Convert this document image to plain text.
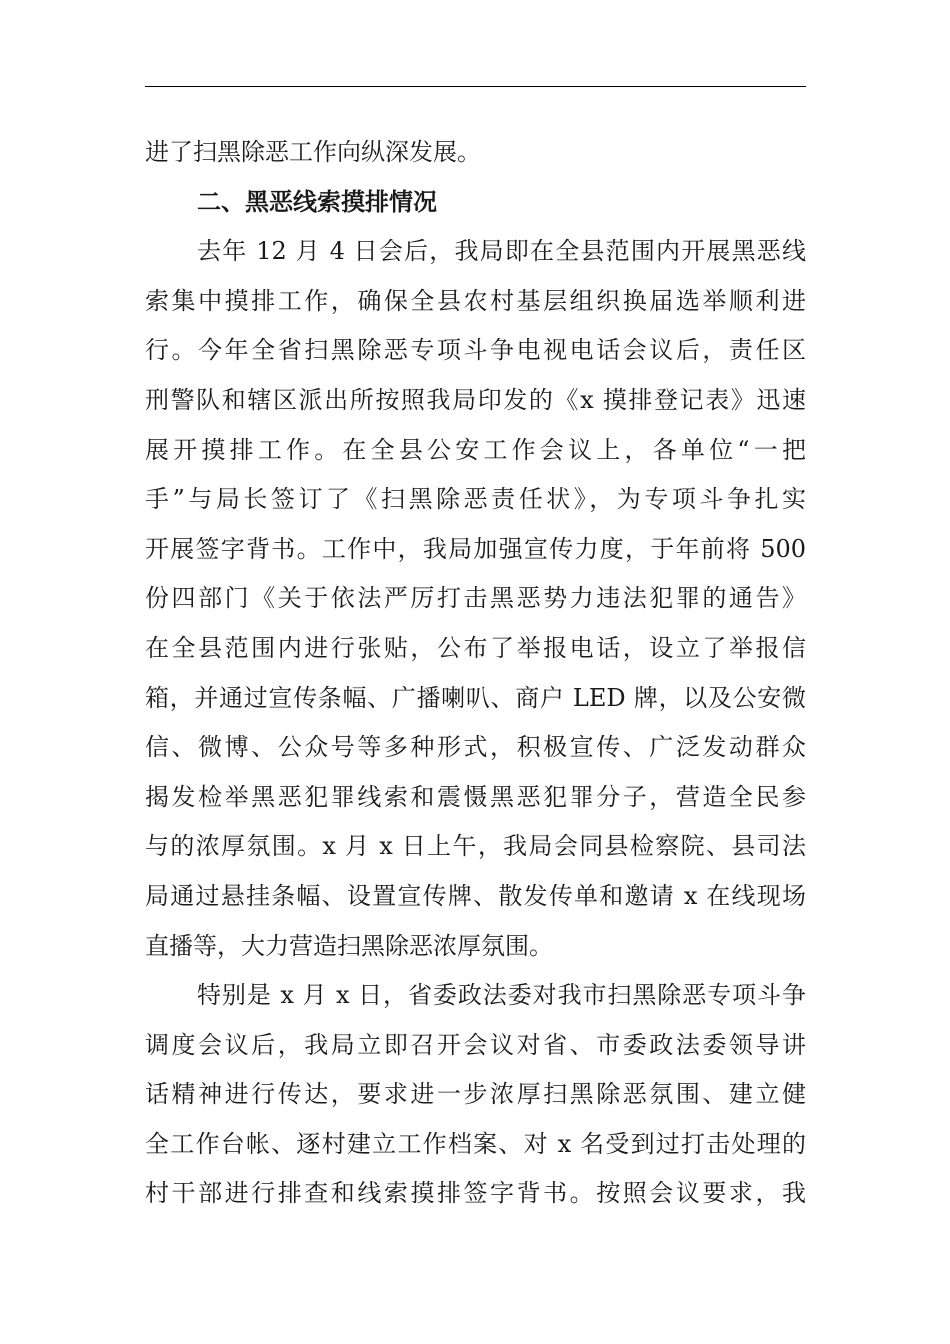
进了扫黑除恶工作向纵深发展。
二、黑恶线索摸排情况
去年 12 月 4 日会后，我局即在全县范围内开展黑恶线
索集中摸排工作，确保全县农村基层组织换届选举顺利进
行。今年全省扫黑除恶专项斗争电视电话会议后，责任区
刑警队和辖区派出所按照我局印发的《x 摸排登记表》迅速
展开摸排工作。在全县公安工作会议上，各单位“一把
手”与局长签订了《扫黑除恶责任状》，为专项斗争扎实
开展签字背书。工作中，我局加强宣传力度，于年前将 500
份四部门《关于依法严厉打击黑恶势力违法犯罪的通告》
在全县范围内进行张贴，公布了举报电话，设立了举报信
箱，并通过宣传条幅、广播喇叭、商户 LED 牌，以及公安微
信、微博、公众号等多种形式，积极宣传、广泛发动群众
揭发检举黑恶犯罪线索和震慑黑恶犯罪分子，营造全民参
与的浓厚氛围。x 月 x 日上午，我局会同县检察院、县司法
局通过悬挂条幅、设置宣传牌、散发传单和邀请 x 在线现场
直播等，大力营造扫黑除恶浓厚氛围。
特别是 x 月 x 日，省委政法委对我市扫黑除恶专项斗争
调度会议后，我局立即召开会议对省、市委政法委领导讲
话精神进行传达，要求进一步浓厚扫黑除恶氛围、建立健
全工作台帐、逐村建立工作档案、对 x 名受到过打击处理的
村干部进行排查和线索摸排签字背书。按照会议要求，我
